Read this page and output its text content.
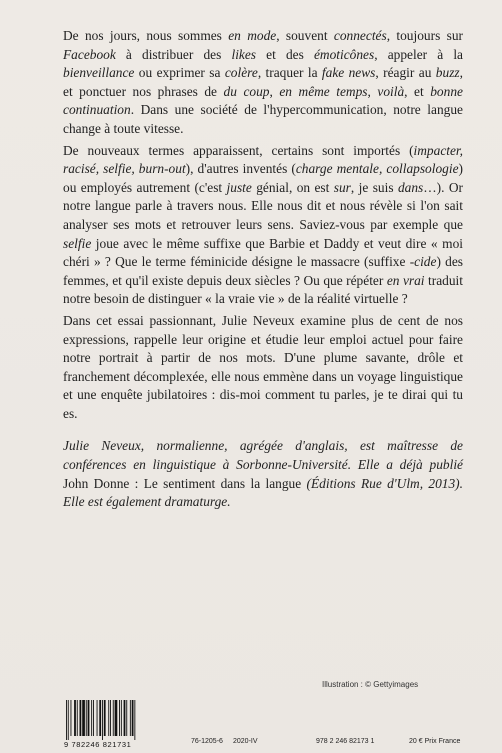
De nos jours, nous sommes en mode, souvent connectés, toujours sur Facebook à distribuer des likes et des émoticônes, appeler à la bienveillance ou exprimer sa colère, traquer la fake news, réagir au buzz, et ponctuer nos phrases de du coup, en même temps, voilà, et bonne continuation. Dans une société de l'hypercommunication, notre langue change à toute vitesse.

De nouveaux termes apparaissent, certains sont importés (impacter, racisé, selfie, burn-out), d'autres inventés (charge mentale, collapsologie) ou employés autrement (c'est juste génial, on est sur, je suis dans…). Or notre langue parle à travers nous. Elle nous dit et nous révèle si l'on sait analyser ses mots et retrouver leurs sens. Saviez-vous par exemple que selfie joue avec le même suffixe que Barbie et Daddy et veut dire « moi chéri » ? Que le terme féminicide désigne le massacre (suffixe -cide) des femmes, et qu'il existe depuis deux siècles ? Ou que répéter en vrai traduit notre besoin de distinguer « la vraie vie » de la réalité virtuelle ?

Dans cet essai passionnant, Julie Neveux examine plus de cent de nos expressions, rappelle leur origine et étudie leur emploi actuel pour faire notre portrait à partir de nos mots. D'une plume savante, drôle et franchement décomplexée, elle nous emmène dans un voyage linguistique et une enquête jubilatoires : dis-moi comment tu parles, je te dirai qui tu es.

Julie Neveux, normalienne, agrégée d'anglais, est maîtresse de conférences en linguistique à Sorbonne-Université. Elle a déjà publié John Donne : Le sentiment dans la langue (Éditions Rue d'Ulm, 2013). Elle est également dramaturge.

Illustration : © Gettyimages
9 782246 821731	76-1205-6 2020-IV	978 2 246 82173 1	20 € Prix France
